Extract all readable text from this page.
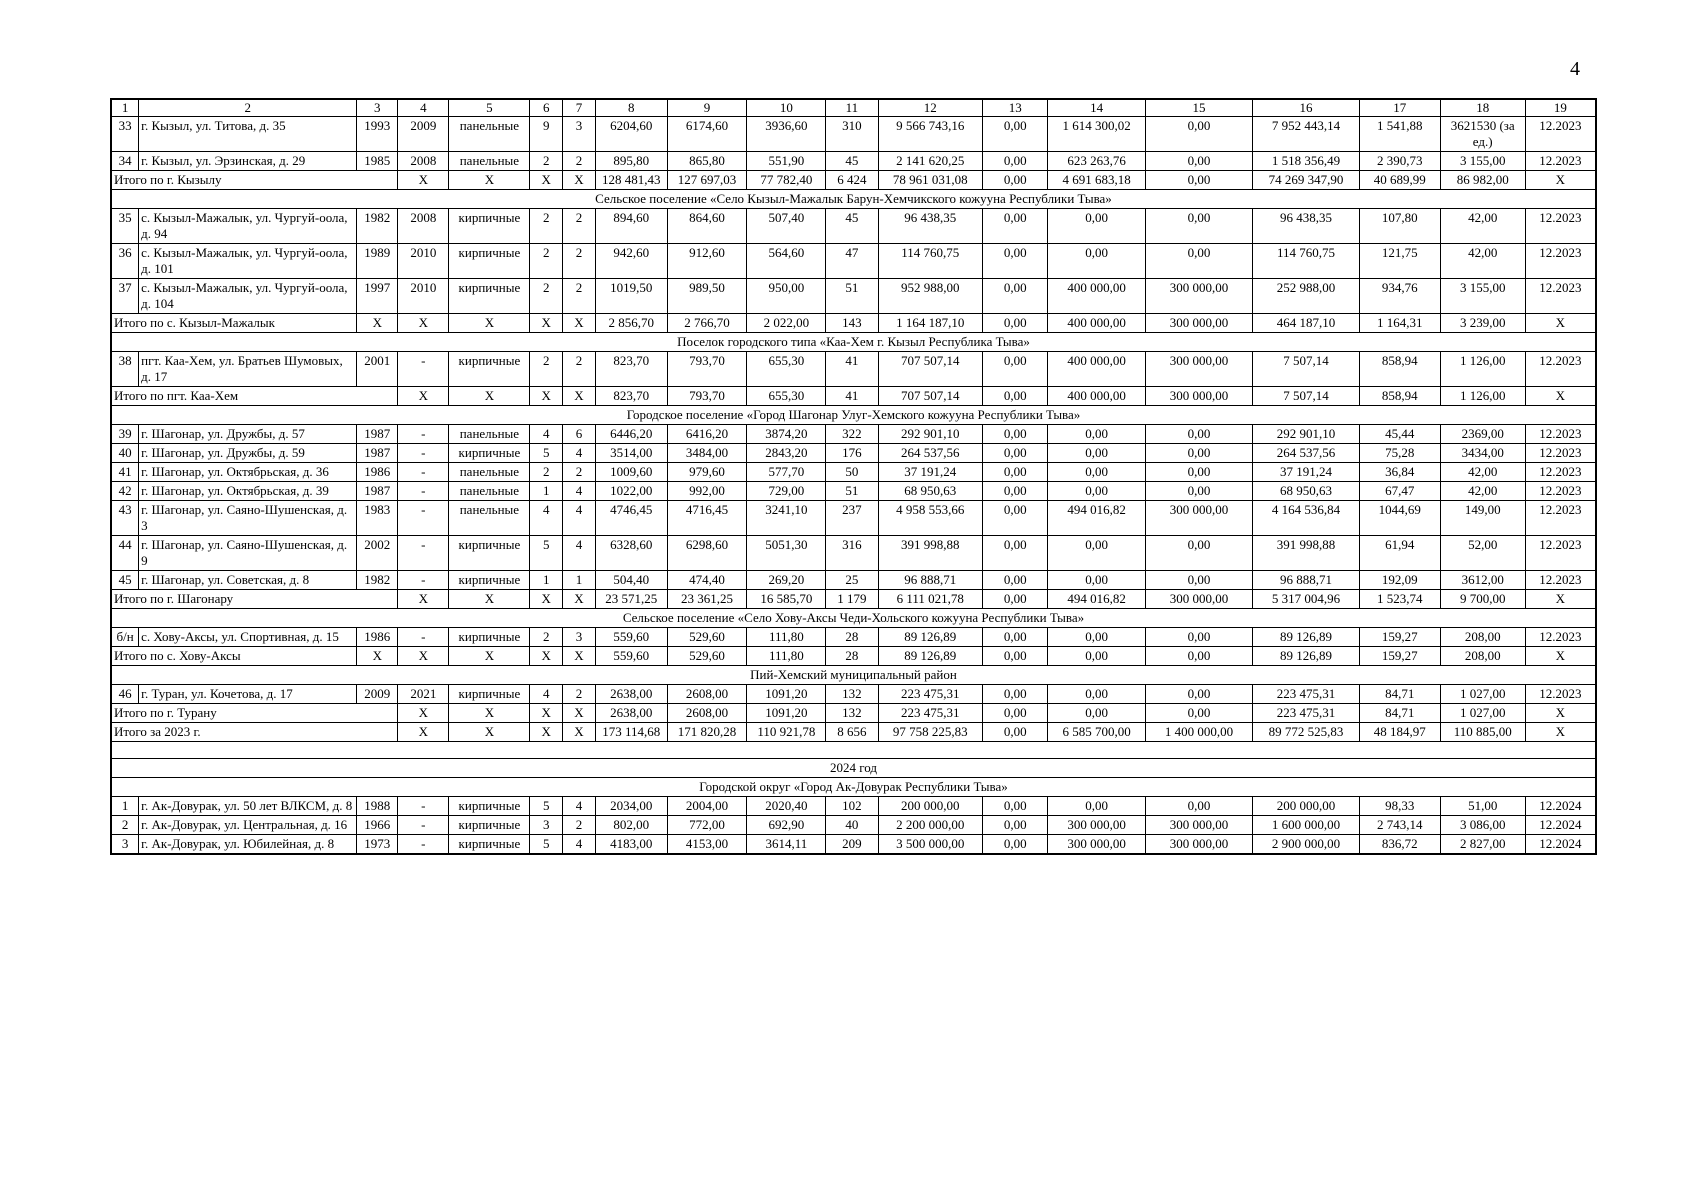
4
1	2	3	4	5	6	7	8	9	10	11	12	13	14	15	16	17	18	19
33	г. Кызыл, ул. Титова, д. 35	1993	2009	панельные	9	3	6204,60	6174,60	3936,60	310	9 566 743,16	0,00	1 614 300,02	0,00	7 952 443,14	1 541,88	3621530 (за ед.)	12.2023
34	г. Кызыл, ул. Эрзинская, д. 29	1985	2008	панельные	2	2	895,80	865,80	551,90	45	2 141 620,25	0,00	623 263,76	0,00	1 518 356,49	2 390,73	3 155,00	12.2023
Итого по г. Кызылу			Х	Х	Х	Х	128 481,43	127 697,03	77 782,40	6 424	78 961 031,08	0,00	4 691 683,18	0,00	74 269 347,90	40 689,99	86 982,00	Х
Сельское поселение «Село Кызыл-Мажалык Барун-Хемчикского кожууна Республики Тыва»																		
35	с. Кызыл-Мажалык, ул. Чургуй-оола, д. 94	1982	2008	кирпичные	2	2	894,60	864,60	507,40	45	96 438,35	0,00	0,00	0,00	96 438,35	107,80	42,00	12.2023
36	с. Кызыл-Мажалык, ул. Чургуй-оола, д. 101	1989	2010	кирпичные	2	2	942,60	912,60	564,60	47	114 760,75	0,00	0,00	0,00	114 760,75	121,75	42,00	12.2023
37	с. Кызыл-Мажалык, ул. Чургуй-оола, д. 104	1997	2010	кирпичные	2	2	1019,50	989,50	950,00	51	952 988,00	0,00	400 000,00	300 000,00	252 988,00	934,76	3 155,00	12.2023
Итого по с. Кызыл-Мажалык		Х	Х	Х	Х	Х	2 856,70	2 766,70	2 022,00	143	1 164 187,10	0,00	400 000,00	300 000,00	464 187,10	1 164,31	3 239,00	Х
Поселок городского типа «Каа-Хем г. Кызыл Республика Тыва»																		
38	пгт. Каа-Хем, ул. Братьев Шумовых, д. 17	2001	-	кирпичные	2	2	823,70	793,70	655,30	41	707 507,14	0,00	400 000,00	300 000,00	7 507,14	858,94	1 126,00	12.2023
Итого по пгт. Каа-Хем			Х	Х	Х	Х	823,70	793,70	655,30	41	707 507,14	0,00	400 000,00	300 000,00	7 507,14	858,94	1 126,00	Х
Городское поселение «Город Шагонар Улуг-Хемского кожууна Республики Тыва»																		
39	г. Шагонар, ул. Дружбы, д. 57	1987	-	панельные	4	6	6446,20	6416,20	3874,20	322	292 901,10	0,00	0,00	0,00	292 901,10	45,44	2369,00	12.2023
40	г. Шагонар, ул. Дружбы, д. 59	1987	-	кирпичные	5	4	3514,00	3484,00	2843,20	176	264 537,56	0,00	0,00	0,00	264 537,56	75,28	3434,00	12.2023
41	г. Шагонар, ул. Октябрьская, д. 36	1986	-	панельные	2	2	1009,60	979,60	577,70	50	37 191,24	0,00	0,00	0,00	37 191,24	36,84	42,00	12.2023
42	г. Шагонар, ул. Октябрьская, д. 39	1987	-	панельные	1	4	1022,00	992,00	729,00	51	68 950,63	0,00	0,00	0,00	68 950,63	67,47	42,00	12.2023
43	г. Шагонар, ул. Саяно-Шушенская, д. 3	1983	-	панельные	4	4	4746,45	4716,45	3241,10	237	4 958 553,66	0,00	494 016,82	300 000,00	4 164 536,84	1044,69	149,00	12.2023
44	г. Шагонар, ул. Саяно-Шушенская, д. 9	2002	-	кирпичные	5	4	6328,60	6298,60	5051,30	316	391 998,88	0,00	0,00	0,00	391 998,88	61,94	52,00	12.2023
45	г. Шагонар, ул. Советская, д. 8	1982	-	кирпичные	1	1	504,40	474,40	269,20	25	96 888,71	0,00	0,00	0,00	96 888,71	192,09	3612,00	12.2023
Итого по г. Шагонару			Х	Х	Х	Х	23 571,25	23 361,25	16 585,70	1 179	6 111 021,78	0,00	494 016,82	300 000,00	5 317 004,96	1 523,74	9 700,00	Х
Сельское поселение «Село Хову-Аксы Чеди-Хольского кожууна Республики Тыва»																		
б/н	с. Хову-Аксы, ул. Спортивная, д. 15	1986	-	кирпичные	2	3	559,60	529,60	111,80	28	89 126,89	0,00	0,00	0,00	89 126,89	159,27	208,00	12.2023
Итого по с. Хову-Аксы		Х	Х	Х	Х	Х	559,60	529,60	111,80	28	89 126,89	0,00	0,00	0,00	89 126,89	159,27	208,00	Х
Пий-Хемский муниципальный район																		
46	г. Туран, ул. Кочетова, д. 17	2009	2021	кирпичные	4	2	2638,00	2608,00	1091,20	132	223 475,31	0,00	0,00	0,00	223 475,31	84,71	1 027,00	12.2023
Итого по г. Турану			Х	Х	Х	Х	2638,00	2608,00	1091,20	132	223 475,31	0,00	0,00	0,00	223 475,31	84,71	1 027,00	Х
Итого за 2023 г.			Х	Х	Х	Х	173 114,68	171 820,28	110 921,78	8 656	97 758 225,83	0,00	6 585 700,00	1 400 000,00	89 772 525,83	48 184,97	110 885,00	Х

2024 год																		
Городской округ «Город Ак-Довурак Республики Тыва»																		
1	г. Ак-Довурак, ул. 50 лет ВЛКСМ, д. 8	1988	-	кирпичные	5	4	2034,00	2004,00	2020,40	102	200 000,00	0,00	0,00	0,00	200 000,00	98,33	51,00	12.2024
2	г. Ак-Довурак, ул. Центральная, д. 16	1966	-	кирпичные	3	2	802,00	772,00	692,90	40	2 200 000,00	0,00	300 000,00	300 000,00	1 600 000,00	2 743,14	3 086,00	12.2024
3	г. Ак-Довурак, ул. Юбилейная, д. 8	1973	-	кирпичные	5	4	4183,00	4153,00	3614,11	209	3 500 000,00	0,00	300 000,00	300 000,00	2 900 000,00	836,72	2 827,00	12.2024
